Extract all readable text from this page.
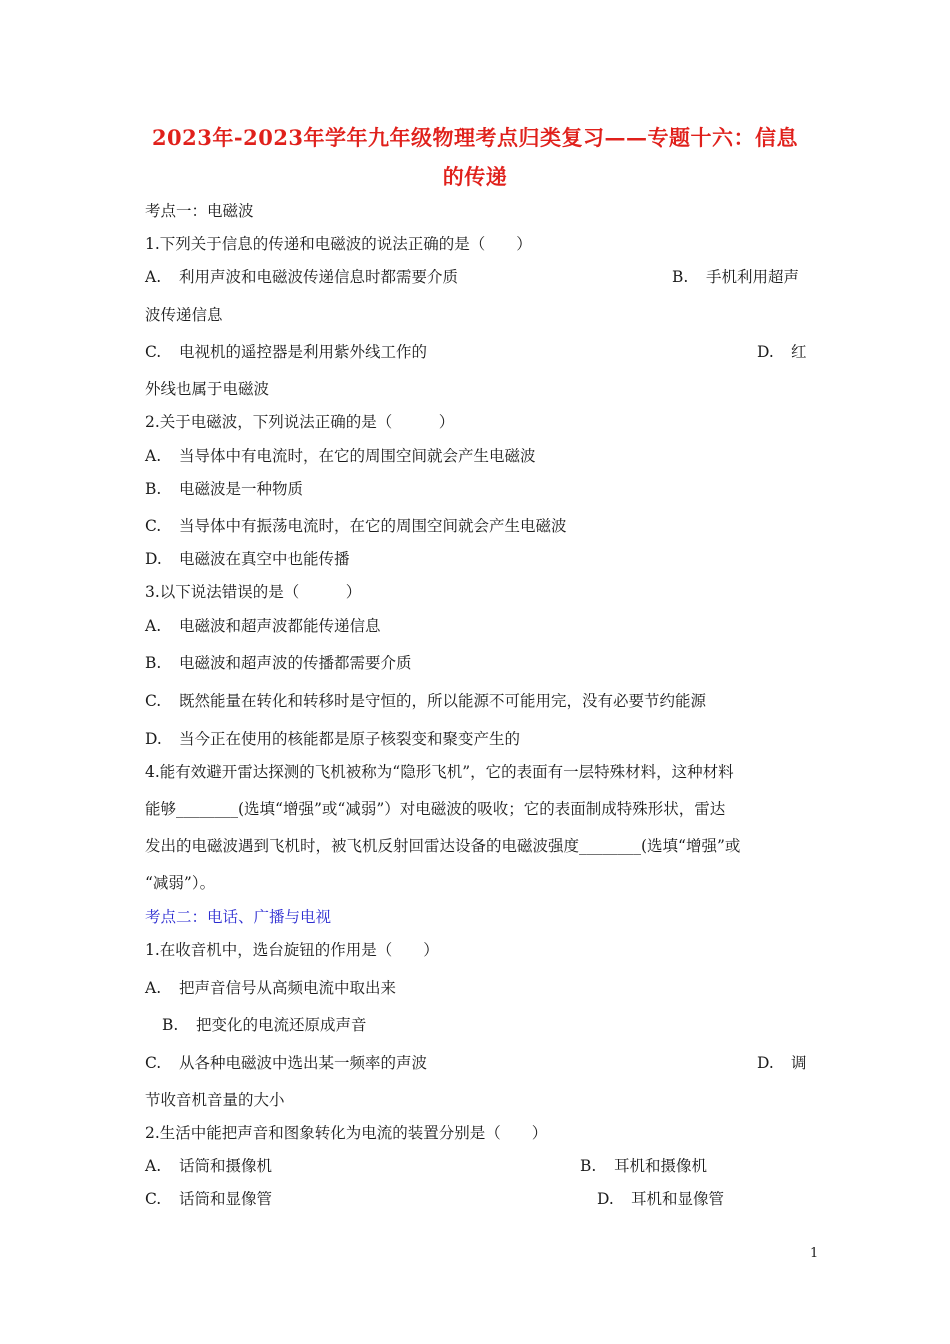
2023年-2023年学年九年级物理考点归类复习——专题十六：信息
的传递
考点一：电磁波
1.下列关于信息的传递和电磁波的说法正确的是（　　）
A. 利用声波和电磁波传递信息时都需要介质	B. 手机利用超声
波传递信息
C. 电视机的遥控器是利用紫外线工作的	D. 红
外线也属于电磁波
2.关于电磁波，下列说法正确的是（　　　）
A. 当导体中有电流时，在它的周围空间就会产生电磁波
B. 电磁波是一种物质
C. 当导体中有振荡电流时，在它的周围空间就会产生电磁波
D. 电磁波在真空中也能传播
3.以下说法错误的是（　　　）
A. 电磁波和超声波都能传递信息
B. 电磁波和超声波的传播都需要介质
C. 既然能量在转化和转移时是守恒的，所以能源不可能用完，没有必要节约能源
D. 当今正在使用的核能都是原子核裂变和聚变产生的
4.能有效避开雷达探测的飞机被称为“隐形飞机”，它的表面有一层特殊材料，这种材料
能够________(选填“增强”或“减弱”）对电磁波的吸收；它的表面制成特殊形状，雷达
发出的电磁波遇到飞机时，被飞机反射回雷达设备的电磁波强度________(选填“增强”或
“减弱”）。
考点二：电话、广播与电视
1.在收音机中，选台旋钮的作用是（　　）
A. 把声音信号从高频电流中取出来
B. 把变化的电流还原成声音
C. 从各种电磁波中选出某一频率的声波	D. 调
节收音机音量的大小
2.生活中能把声音和图象转化为电流的装置分别是（　　）
A. 话筒和摄像机	B. 耳机和摄像机
C. 话筒和显像管	D. 耳机和显像管
1
